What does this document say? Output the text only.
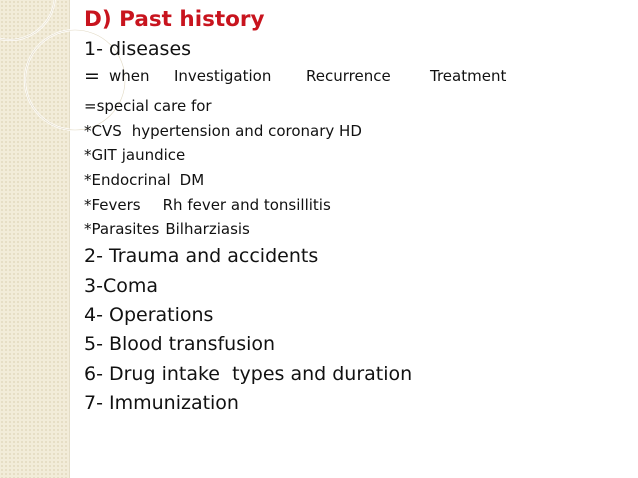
D) Past history
1- diseases
= when Investigation Recurrence	Treatment
=special care for
*CVS hypertension and coronary HD
*GIT jaundice
*Endocrinal DM
*Fevers Rh fever and tonsillitis
*Parasites Bilharziasis
2- Trauma and accidents
3-Coma
4- Operations
5- Blood transfusion
6- Drug intake  types and duration
7- Immunization
